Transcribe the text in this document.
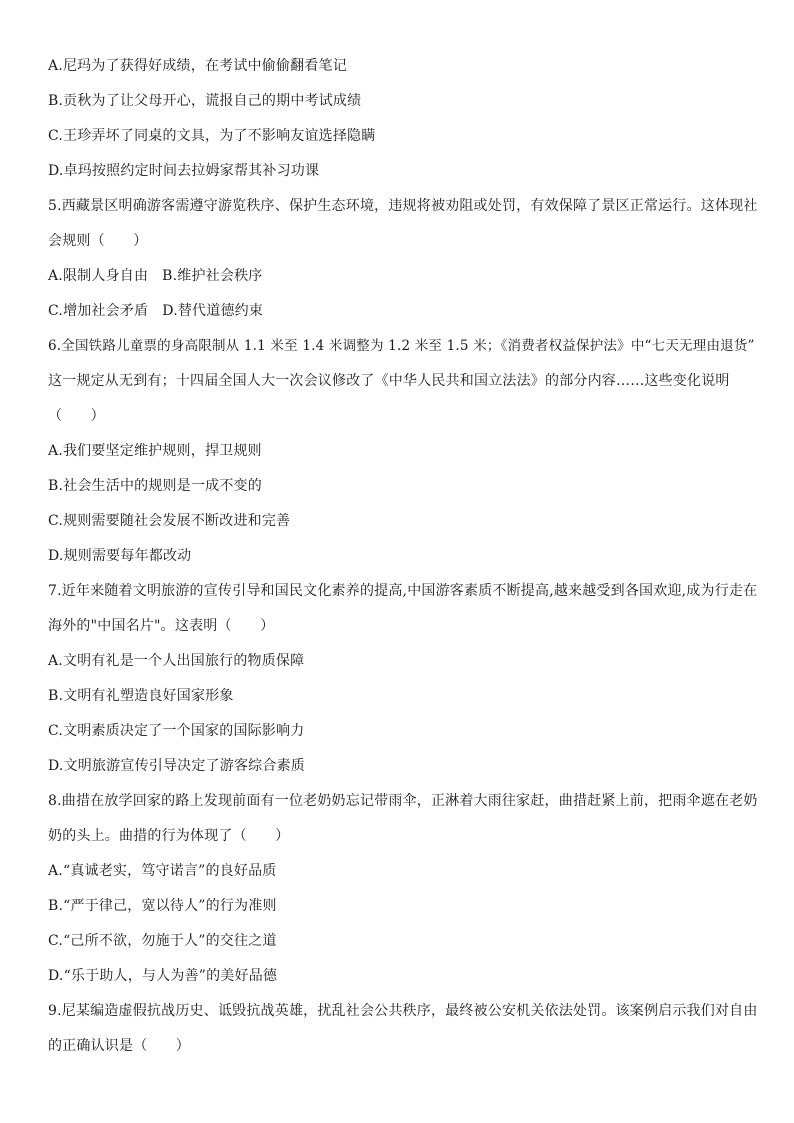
A.尼玛为了获得好成绩，在考试中偷偷翻看笔记
B.贡秋为了让父母开心，谎报自己的期中考试成绩
C.王珍弄坏了同桌的文具，为了不影响友谊选择隐瞒
D.卓玛按照约定时间去拉姆家帮其补习功课
5.西藏景区明确游客需遵守游览秩序、保护生态环境，违规将被劝阻或处罚，有效保障了景区正常运行。这体现社
会规则（　　）
A.限制人身自由 B.维护社会秩序
C.增加社会矛盾 D.替代道德约束
6.全国铁路儿童票的身高限制从 1.1 米至 1.4 米调整为 1.2 米至 1.5 米；《消费者权益保护法》中“七天无理由退货”
这一规定从无到有；十四届全国人大一次会议修改了《中华人民共和国立法法》的部分内容……这些变化说明
（　　）
A.我们要坚定维护规则，捍卫规则
B.社会生活中的规则是一成不变的
C.规则需要随社会发展不断改进和完善
D.规则需要每年都改动
7.近年来随着文明旅游的宣传引导和国民文化素养的提高,中国游客素质不断提高,越来越受到各国欢迎,成为行走在
海外的"中国名片"。这表明（　　）
A.文明有礼是一个人出国旅行的物质保障
B.文明有礼塑造良好国家形象
C.文明素质决定了一个国家的国际影响力
D.文明旅游宣传引导决定了游客综合素质
8.曲措在放学回家的路上发现前面有一位老奶奶忘记带雨伞，正淋着大雨往家赶，曲措赶紧上前，把雨伞遮在老奶
奶的头上。曲措的行为体现了（　　）
A.“真诚老实，笃守诺言”的良好品质
B.“严于律己，宽以待人”的行为准则
C.“己所不欲，勿施于人”的交往之道
D.“乐于助人，与人为善”的美好品德
9.尼某编造虚假抗战历史、诋毁抗战英雄，扰乱社会公共秩序，最终被公安机关依法处罚。该案例启示我们对自由
的正确认识是（　　）
